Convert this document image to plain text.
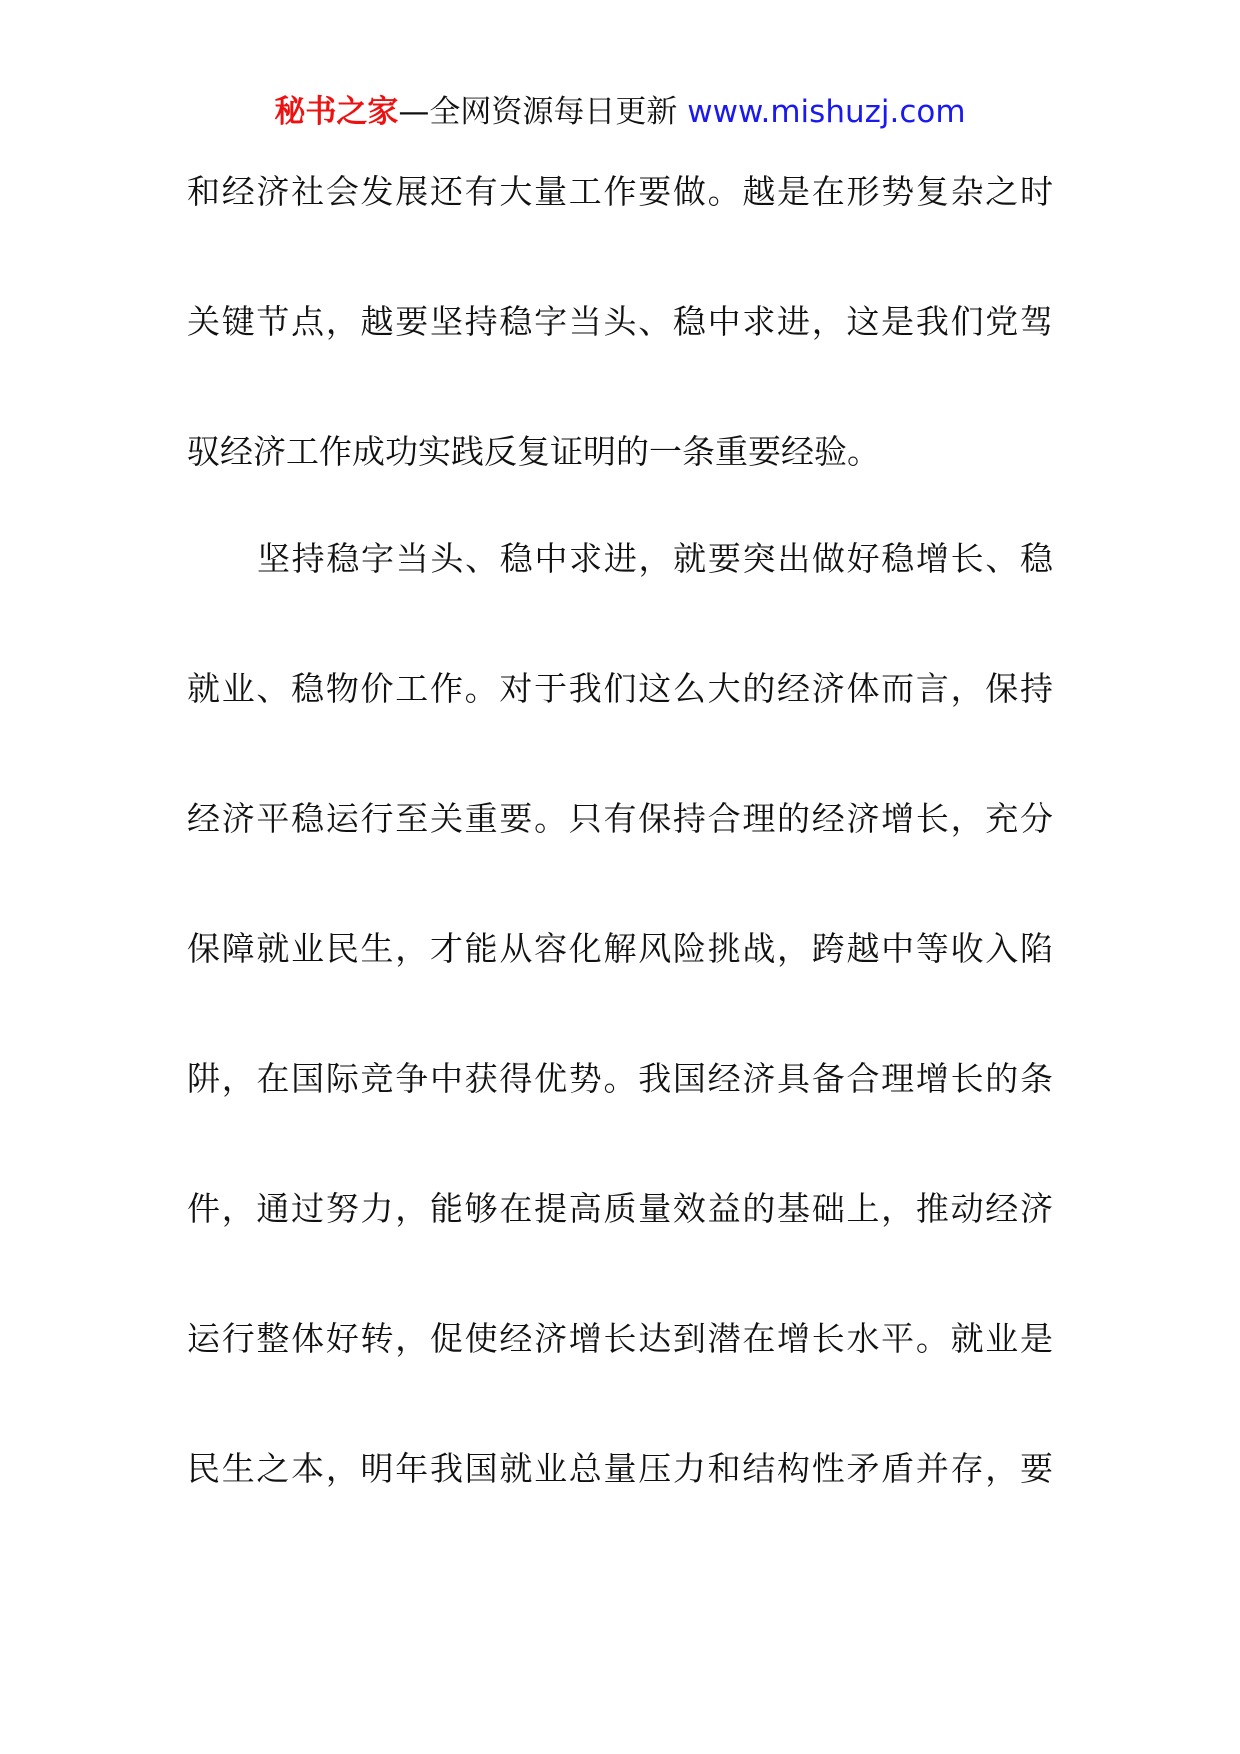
秘书之家—全网资源每日更新 www.mishuzj.com
和经济社会发展还有大量工作要做。越是在形势复杂之时
关键节点，越要坚持稳字当头、稳中求进，这是我们党驾
驭经济工作成功实践反复证明的一条重要经验。
坚持稳字当头、稳中求进，就要突出做好稳增长、稳
就业、稳物价工作。对于我们这么大的经济体而言，保持
经济平稳运行至关重要。只有保持合理的经济增长，充分
保障就业民生，才能从容化解风险挑战，跨越中等收入陷
阱，在国际竞争中获得优势。我国经济具备合理增长的条
件，通过努力，能够在提高质量效益的基础上，推动经济
运行整体好转，促使经济增长达到潜在增长水平。就业是
民生之本，明年我国就业总量压力和结构性矛盾并存，要
